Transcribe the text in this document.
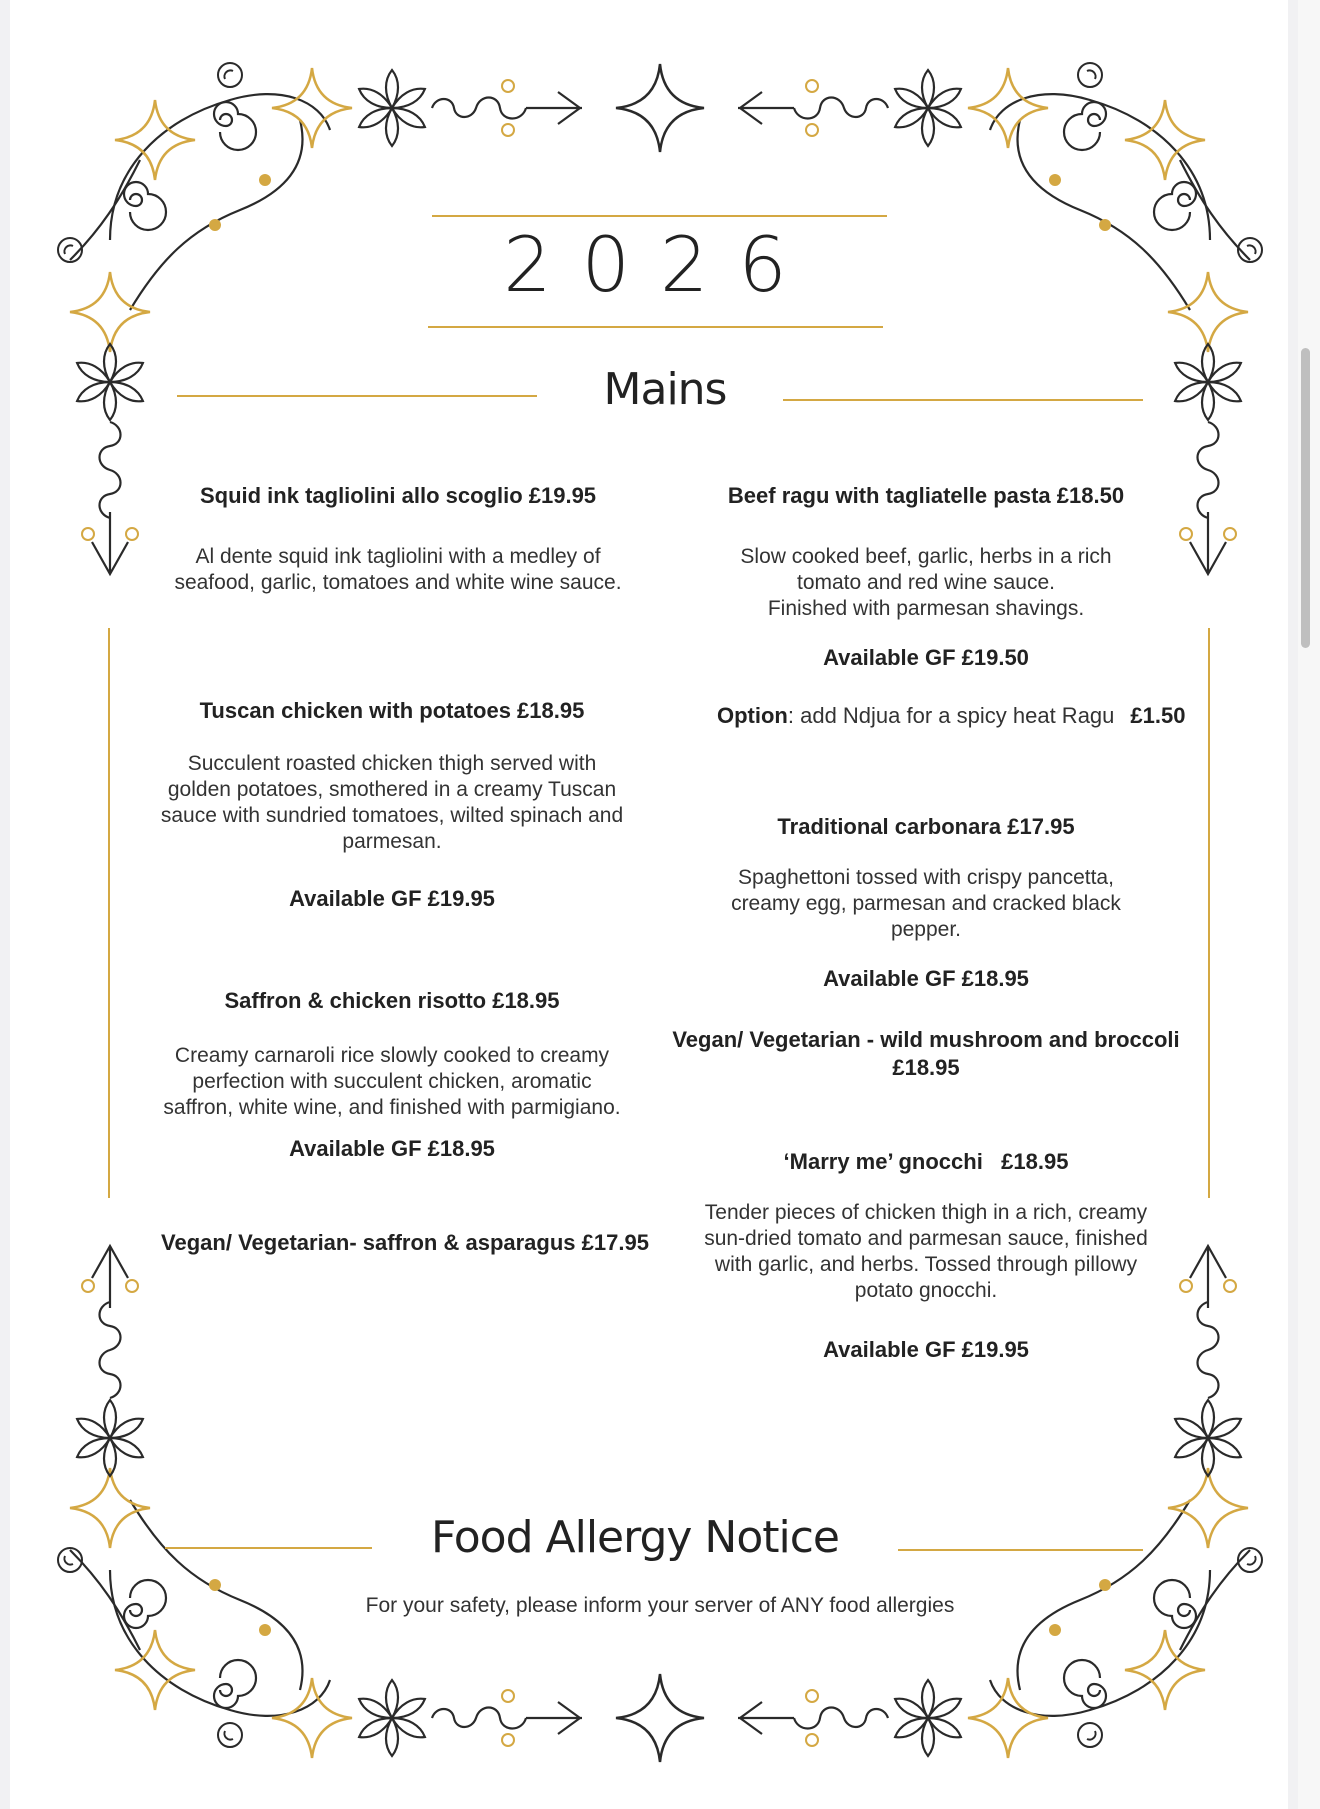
2026
Mains
Squid ink tagliolini allo scoglio £19.95
Al dente squid ink tagliolini with a medley of seafood, garlic, tomatoes and white wine sauce.
Tuscan chicken with potatoes £18.95
Succulent roasted chicken thigh served with golden potatoes, smothered in a creamy Tuscan sauce with sundried tomatoes, wilted spinach and parmesan.
Available GF £19.95
Saffron & chicken risotto £18.95
Creamy carnaroli rice slowly cooked to creamy perfection with succulent chicken, aromatic saffron, white wine, and finished with parmigiano.
Available GF £18.95
Vegan/ Vegetarian- saffron & asparagus £17.95
Beef ragu with tagliatelle pasta £18.50
Slow cooked beef, garlic, herbs in a rich tomato and red wine sauce.
Finished with parmesan shavings.
Available GF £19.50
Option: add Ndjua for a spicy heat Ragu £1.50
Traditional carbonara £17.95
Spaghettoni tossed with crispy pancetta, creamy egg, parmesan and cracked black pepper.
Available GF £18.95
Vegan/ Vegetarian - wild mushroom and broccoli
£18.95
‘Marry me’ gnocchi   £18.95
Tender pieces of chicken thigh in a rich, creamy sun-dried tomato and parmesan sauce, finished with garlic, and herbs. Tossed through pillowy potato gnocchi.
Available GF £19.95
Food Allergy Notice
For your safety, please inform your server of ANY food allergies
